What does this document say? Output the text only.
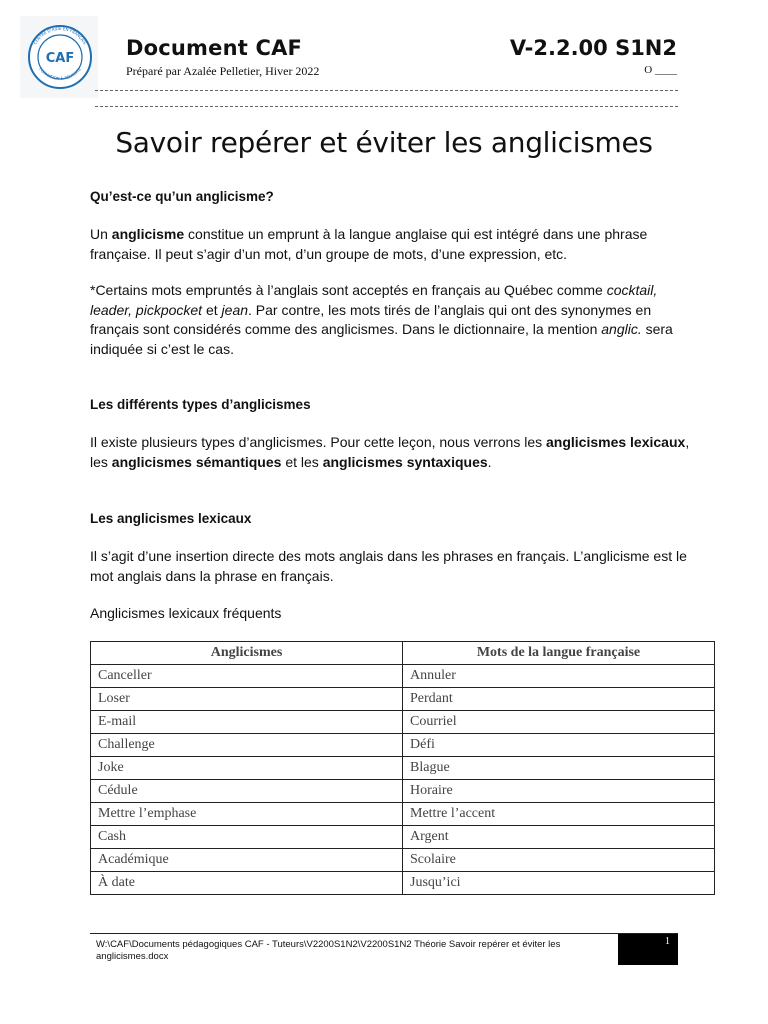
CENTRE D'AIDE EN FRANÇAIS
FORMATION & RÉUSSITE
CAF Document CAF
Préparé par Azalée Pelletier, Hiver 2022
V-2.2.00 S1N2
O ____
Savoir repérer et éviter les anglicismes
Qu’est-ce qu’un anglicisme?
Un anglicisme constitue un emprunt à la langue anglaise qui est intégré dans une phrase française. Il peut s’agir d’un mot, d’un groupe de mots, d’une expression, etc.
*Certains mots empruntés à l’anglais sont acceptés en français au Québec comme cocktail, leader, pickpocket et jean. Par contre, les mots tirés de l’anglais qui ont des synonymes en français sont considérés comme des anglicismes. Dans le dictionnaire, la mention anglic. sera indiquée si c’est le cas.
Les différents types d’anglicismes
Il existe plusieurs types d’anglicismes. Pour cette leçon, nous verrons les anglicismes lexicaux, les anglicismes sémantiques et les anglicismes syntaxiques.
Les anglicismes lexicaux
Il s’agit d’une insertion directe des mots anglais dans les phrases en français. L’anglicisme est le mot anglais dans la phrase en français.
Anglicismes lexicaux fréquents
Anglicismes	Mots de la langue française
Canceller	Annuler
Loser	Perdant
E-mail	Courriel
Challenge	Défi
Joke	Blague
Cédule	Horaire
Mettre l’emphase	Mettre l’accent
Cash	Argent
Académique	Scolaire
À date	Jusqu’ici
W:\CAF\Documents pédagogiques CAF - Tuteurs\V2200S1N2\V2200S1N2 Théorie Savoir repérer et éviter les anglicismes.docx
1
